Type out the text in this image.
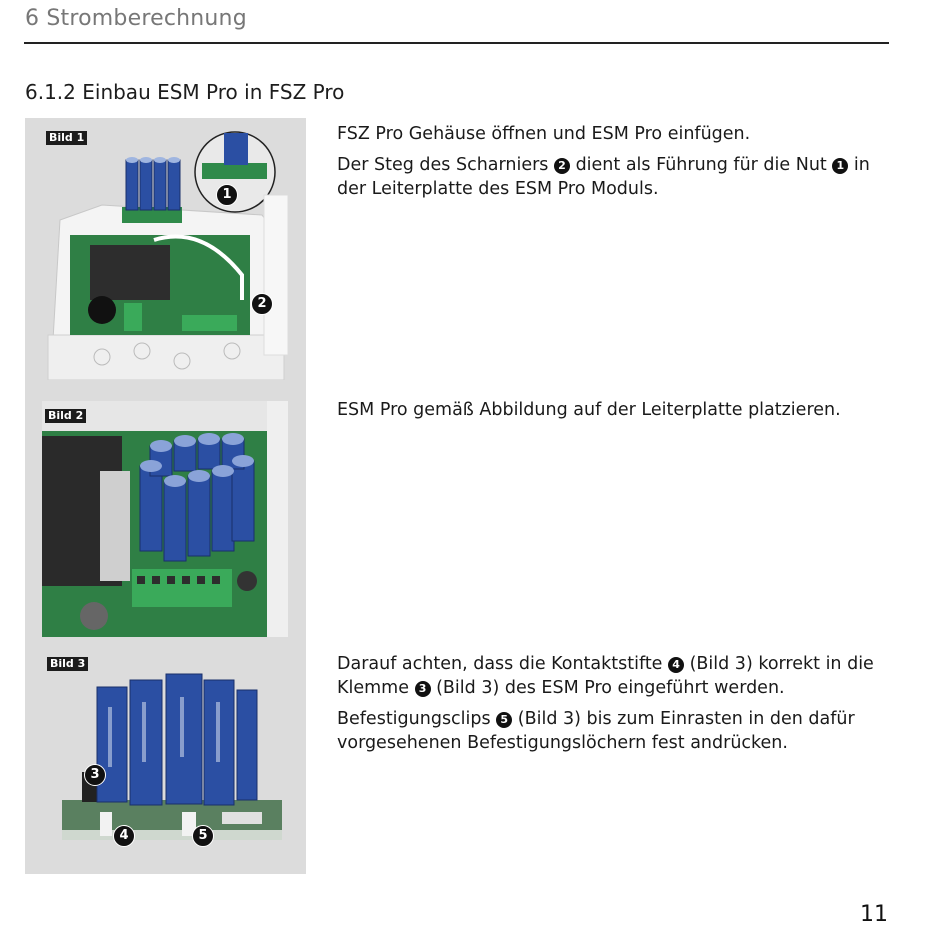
6 Stromberechnung
6.1.2 Einbau ESM Pro in FSZ Pro
Bild 1
1
2
Bild 2
Bild 3
3
4	5

FSZ Pro Gehäuse öffnen und ESM Pro einfügen.

Der Steg des Scharniers 2 dient als Führung für die Nut 1 in der Leiterplatte des ESM Pro Moduls.

ESM Pro gemäß Abbildung auf der Leiterplatte platzieren.

Darauf achten, dass die Kontaktstifte 4 (Bild 3) korrekt in die Klemme 3 (Bild 3) des ESM Pro eingeführt werden.

Befestigungsclips 5 (Bild 3) bis zum Einrasten in den dafür vorgesehenen Befestigungslöchern fest andrücken.

11
